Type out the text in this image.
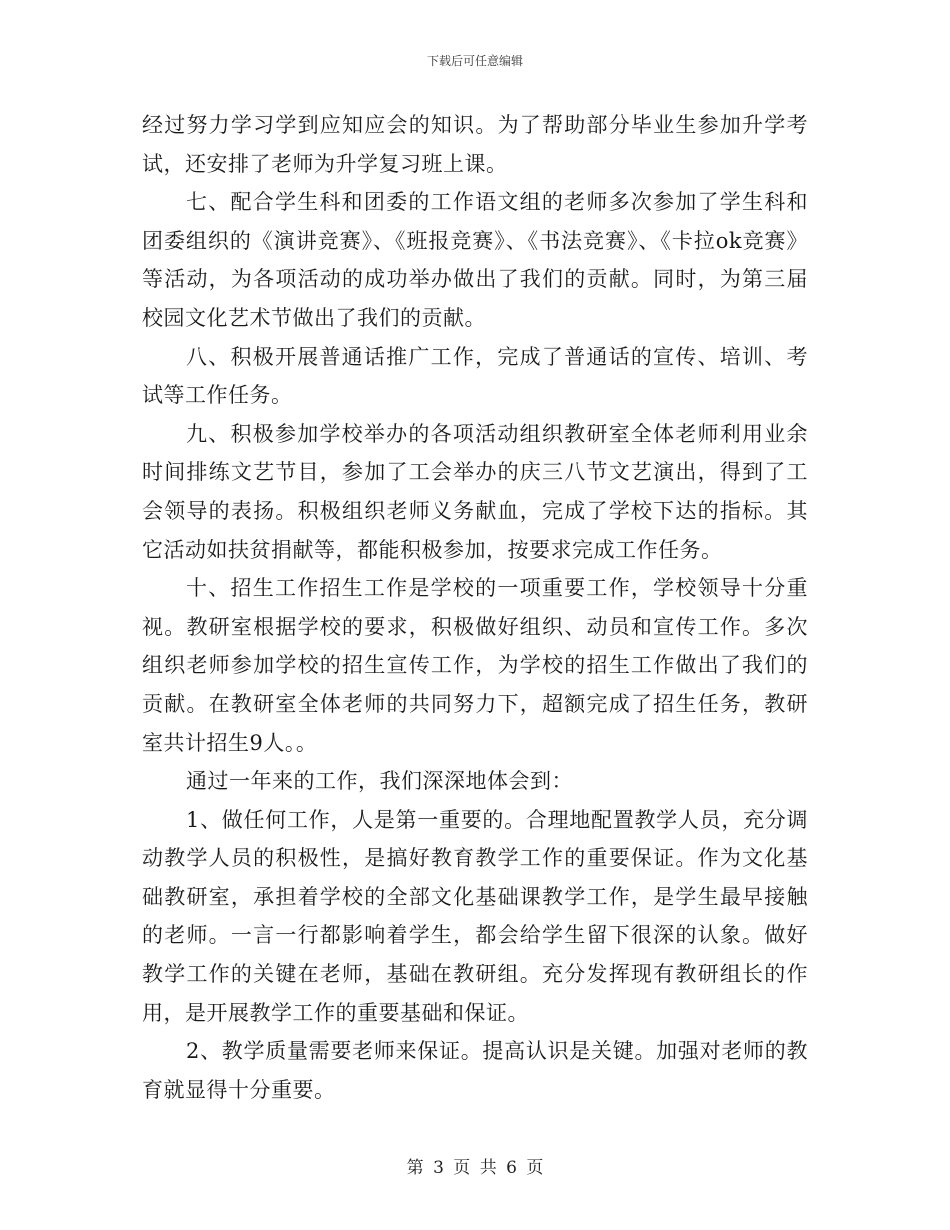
下载后可任意编辑

经过努力学习学到应知应会的知识。为了帮助部分毕业生参加升学考试，还安排了老师为升学复习班上课。

七、配合学生科和团委的工作语文组的老师多次参加了学生科和团委组织的《演讲竞赛》、《班报竞赛》、《书法竞赛》、《卡拉ok竞赛》等活动，为各项活动的成功举办做出了我们的贡献。同时，为第三届校园文化艺术节做出了我们的贡献。

八、积极开展普通话推广工作，完成了普通话的宣传、培训、考试等工作任务。

九、积极参加学校举办的各项活动组织教研室全体老师利用业余时间排练文艺节目，参加了工会举办的庆三八节文艺演出，得到了工会领导的表扬。积极组织老师义务献血，完成了学校下达的指标。其它活动如扶贫捐献等，都能积极参加，按要求完成工作任务。

十、招生工作招生工作是学校的一项重要工作，学校领导十分重视。教研室根据学校的要求，积极做好组织、动员和宣传工作。多次组织老师参加学校的招生宣传工作，为学校的招生工作做出了我们的贡献。在教研室全体老师的共同努力下，超额完成了招生任务，教研室共计招生9人。。

通过一年来的工作，我们深深地体会到：

1、做任何工作，人是第一重要的。合理地配置教学人员，充分调动教学人员的积极性，是搞好教育教学工作的重要保证。作为文化基础教研室，承担着学校的全部文化基础课教学工作，是学生最早接触的老师。一言一行都影响着学生，都会给学生留下很深的认象。做好教学工作的关键在老师，基础在教研组。充分发挥现有教研组长的作用，是开展教学工作的重要基础和保证。

2、教学质量需要老师来保证。提高认识是关键。加强对老师的教育就显得十分重要。

第 3 页 共 6 页
